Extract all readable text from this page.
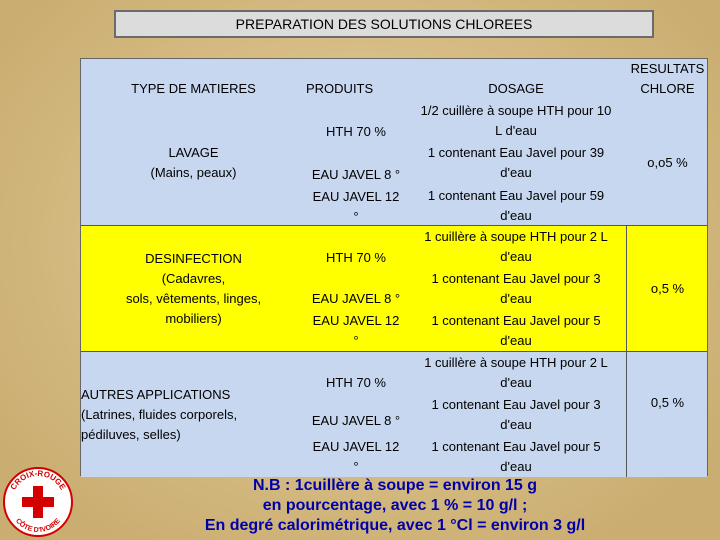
PREPARATION DES SOLUTIONS CHLOREES
TYPE DE MATIERES	PRODUITS	DOSAGE
RESULTATS
CHLORE
LAVAGE
(Mains, peaux)
HTH 70 %
EAU JAVEL 8 °
EAU JAVEL 12
°
1/2 cuillère à soupe HTH pour 10
L d'eau
1 contenant Eau Javel pour 39
d'eau
1 contenant Eau Javel pour 59
d'eau
o,o5 %
DESINFECTION
(Cadavres,
sols, vêtements, linges,
mobiliers)
HTH 70 %
EAU JAVEL 8 °
EAU JAVEL 12
°
1 cuillère à soupe HTH pour 2 L
d'eau
1 contenant Eau Javel pour 3
d'eau
1 contenant Eau Javel pour 5
d'eau
o,5 %
AUTRES APPLICATIONS
(Latrines, fluides corporels,
pédiluves, selles)
HTH 70 %
EAU JAVEL 8 °
EAU JAVEL 12
°
1 cuillère à soupe HTH pour 2 L
d'eau
1 contenant Eau Javel pour 3
d'eau
1 contenant Eau Javel pour 5
d'eau
0,5 %
N.B : 1cuillère à soupe = environ 15 g
en pourcentage, avec 1 % = 10 g/l ;
En degré calorimétrique, avec 1 °Cl = environ 3 g/l
CROIX-ROUGE
CÔTE D'IVOIRE
